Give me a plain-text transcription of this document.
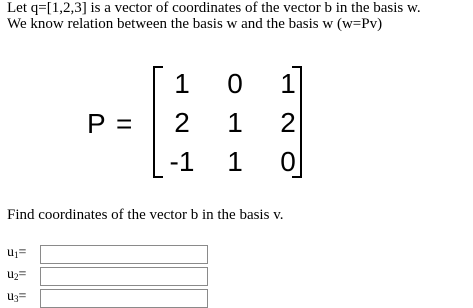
Let q=[1,2,3] is a vector of coordinates of the vector b in the basis w.
We know relation between the basis w and the basis w (w=Pv)
P =
1 0 1
2 1 2
-1 1 0
Find coordinates of the vector b in the basis v.
$u_1=$
$u_2=$
$u_3=$
